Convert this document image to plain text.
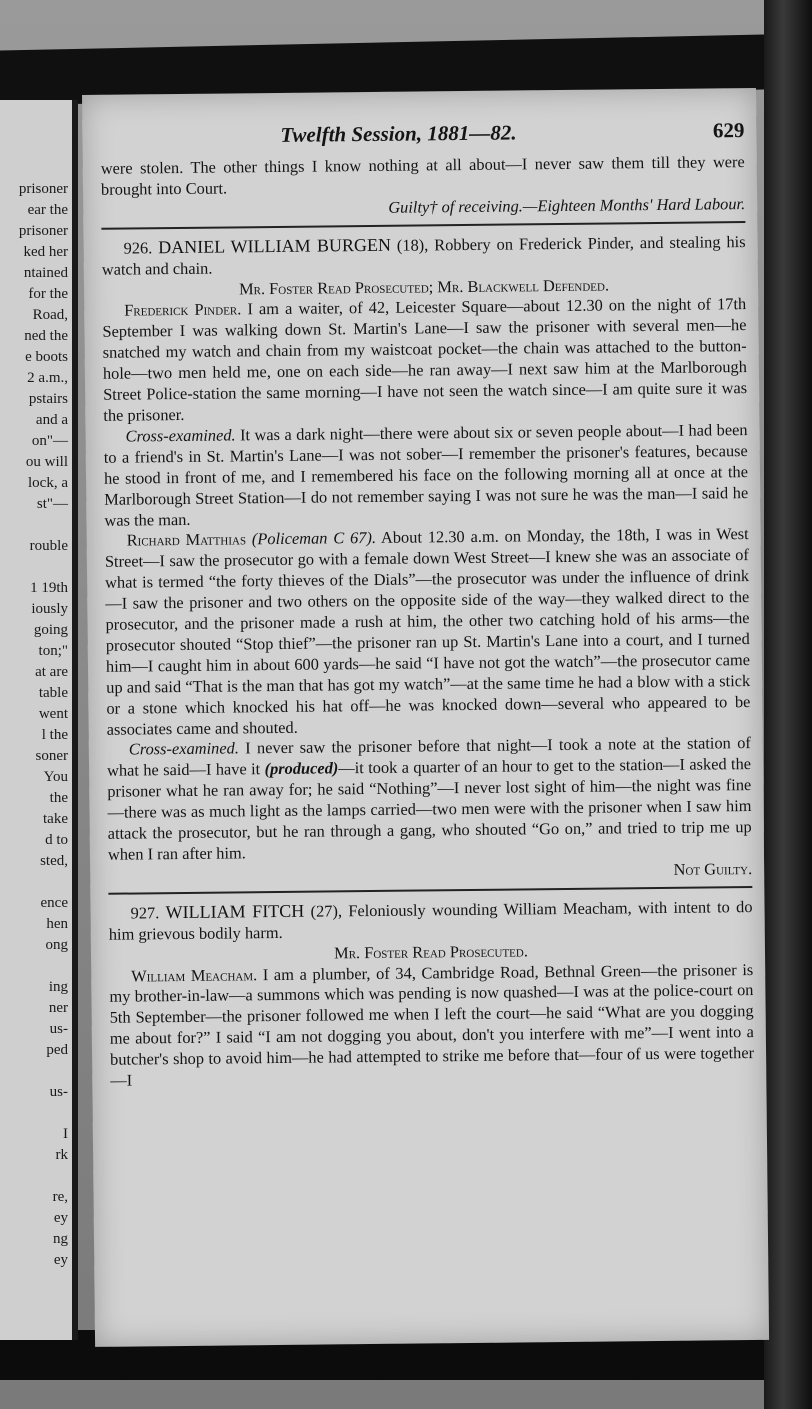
prisoner
ear the
prisoner
ked her
ntained
for the
Road,
ned the
e boots
2 a.m.,
pstairs
and a
on"—
ou will
lock, a
st"—
rouble
1 19th
iously
going
ton;"
at are
table
went
l the
soner
You
the
take
d to
sted,
ence
hen
ong
ing
ner
us-
ped
us-
I
rk
re,
ey
ng
ey
Twelfth Session, 1881—82.	629

were stolen. The other things I know nothing at all about—I never saw them till they were brought into Court.

Guilty† of receiving.—Eighteen Months' Hard Labour.

926. DANIEL WILLIAM BURGEN (18), Robbery on Frederick Pinder, and stealing his watch and chain.

Mr. Foster Read Prosecuted; Mr. Blackwell Defended.

Frederick Pinder. I am a waiter, of 42, Leicester Square—about 12.30 on the night of 17th September I was walking down St. Martin's Lane—I saw the prisoner with several men—he snatched my watch and chain from my waistcoat pocket—the chain was attached to the button-hole—two men held me, one on each side—he ran away—I next saw him at the Marlborough Street Police-station the same morning—I have not seen the watch since—I am quite sure it was the prisoner.

Cross-examined. It was a dark night—there were about six or seven people about—I had been to a friend's in St. Martin's Lane—I was not sober—I remember the prisoner's features, because he stood in front of me, and I remembered his face on the following morning all at once at the Marlborough Street Station—I do not remember saying I was not sure he was the man—I said he was the man.

Richard Matthias (Policeman C 67). About 12.30 a.m. on Monday, the 18th, I was in West Street—I saw the prosecutor go with a female down West Street—I knew she was an associate of what is termed “the forty thieves of the Dials”—the prosecutor was under the influence of drink—I saw the prisoner and two others on the opposite side of the way—they walked direct to the prosecutor, and the prisoner made a rush at him, the other two catching hold of his arms—the prosecutor shouted “Stop thief”—the prisoner ran up St. Martin's Lane into a court, and I turned him—I caught him in about 600 yards—he said “I have not got the watch”—the prosecutor came up and said “That is the man that has got my watch”—at the same time he had a blow with a stick or a stone which knocked his hat off—he was knocked down—several who appeared to be associates came and shouted.

Cross-examined. I never saw the prisoner before that night—I took a note at the station of what he said—I have it (produced)—it took a quarter of an hour to get to the station—I asked the prisoner what he ran away for; he said “Nothing”—I never lost sight of him—the night was fine—there was as much light as the lamps carried—two men were with the prisoner when I saw him attack the prosecutor, but he ran through a gang, who shouted “Go on,” and tried to trip me up when I ran after him.

Not Guilty.

927. WILLIAM FITCH (27), Feloniously wounding William Meacham, with intent to do him grievous bodily harm.

Mr. Foster Read Prosecuted.

William Meacham. I am a plumber, of 34, Cambridge Road, Bethnal Green—the prisoner is my brother-in-law—a summons which was pending is now quashed—I was at the police-court on 5th September—the prisoner followed me when I left the court—he said “What are you dogging me about for?” I said “I am not dogging you about, don't you interfere with me”—I went into a butcher's shop to avoid him—he had attempted to strike me before that—four of us were together—I
